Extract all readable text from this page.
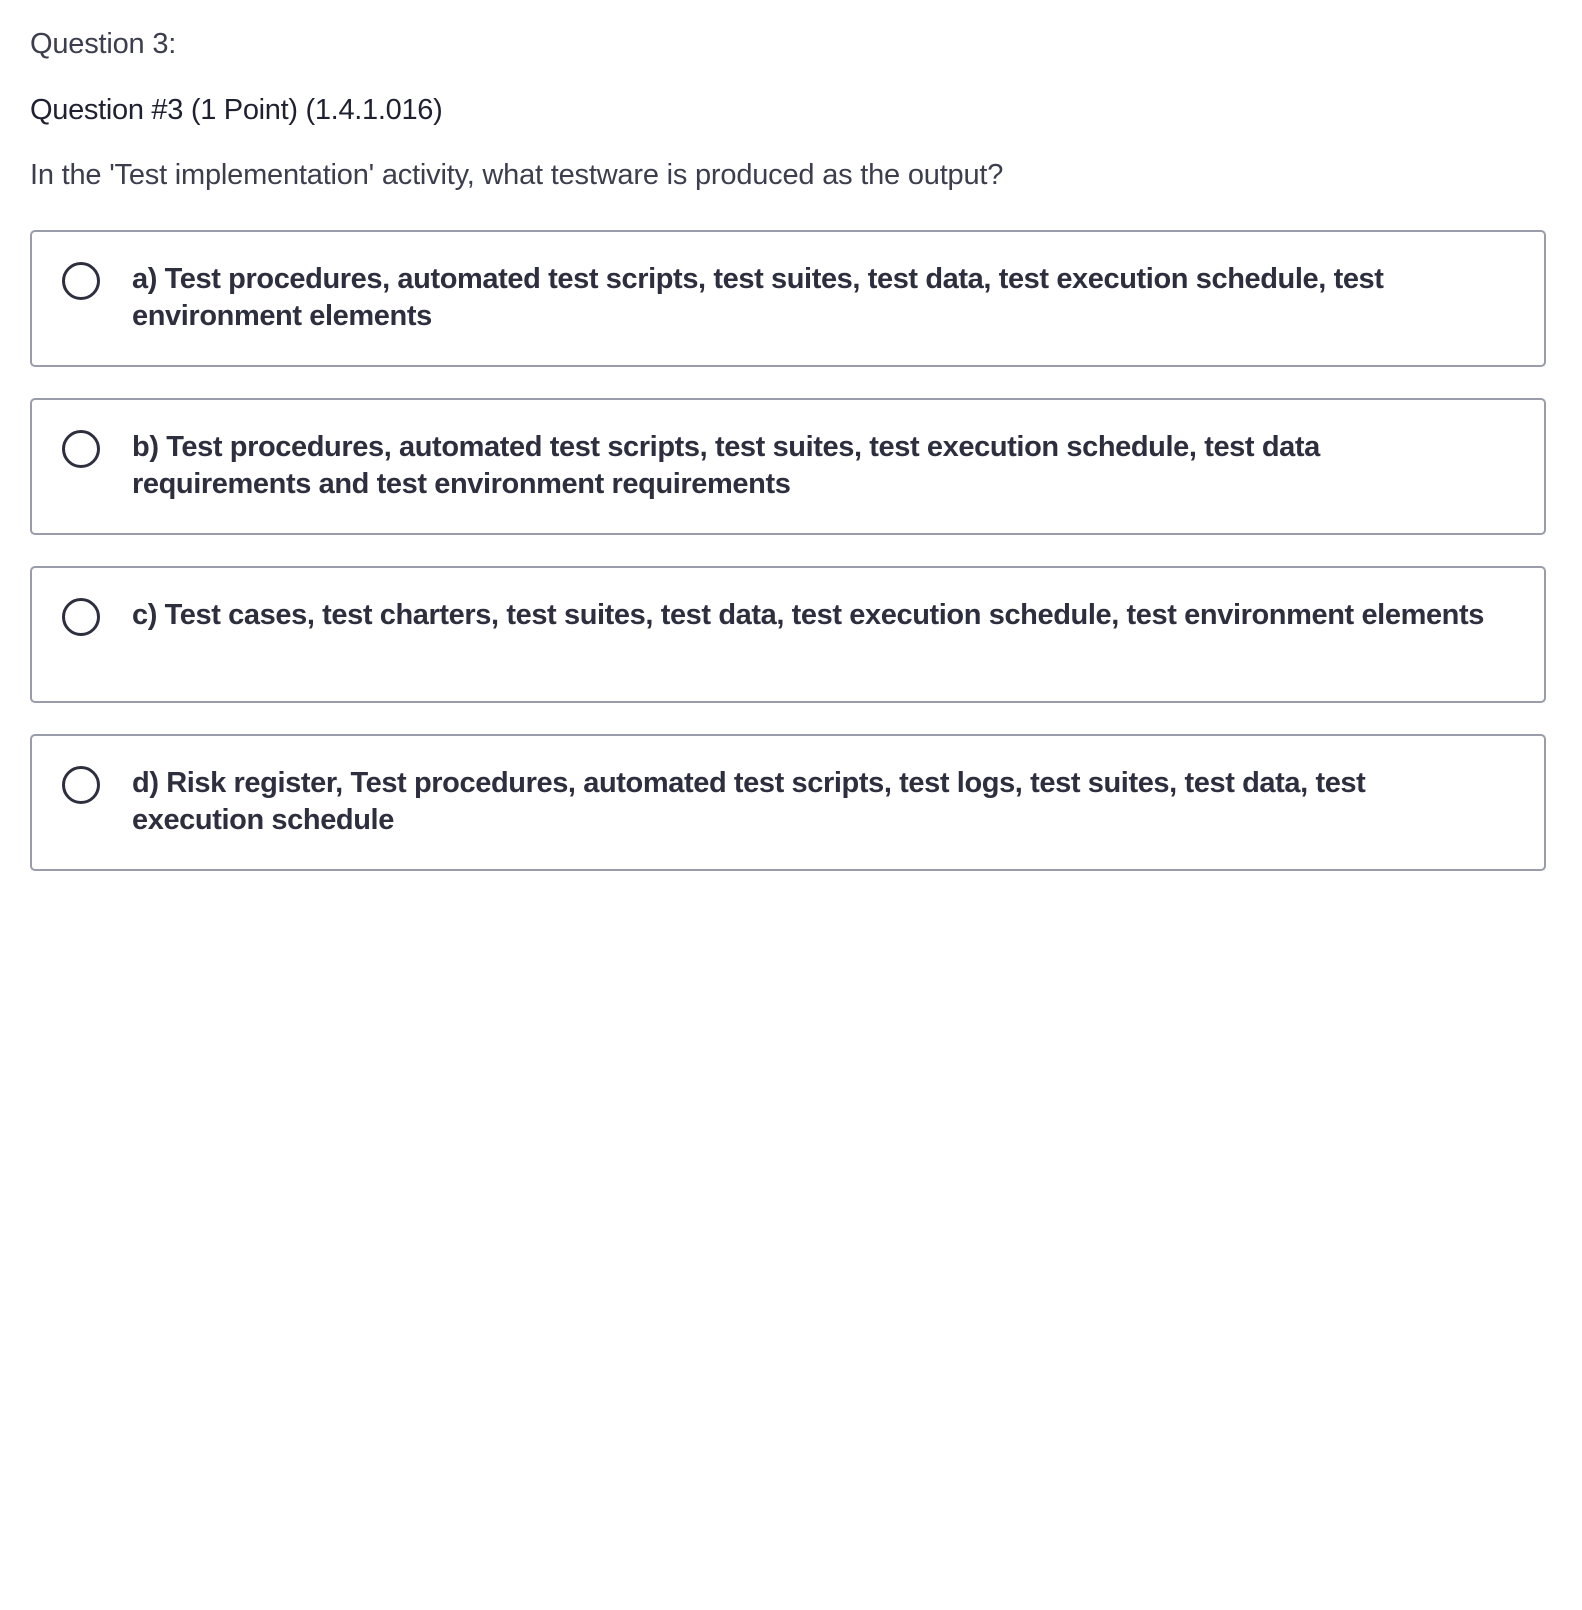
Question 3:
Question #3 (1 Point) (1.4.1.016)
In the 'Test implementation' activity, what testware is produced as the output?
a) Test procedures, automated test scripts, test suites, test data, test execution schedule, test environment elements
b) Test procedures, automated test scripts, test suites, test execution schedule, test data requirements and test environment requirements
c) Test cases, test charters, test suites, test data, test execution schedule, test environment elements
d) Risk register, Test procedures, automated test scripts, test logs, test suites, test data, test execution schedule
